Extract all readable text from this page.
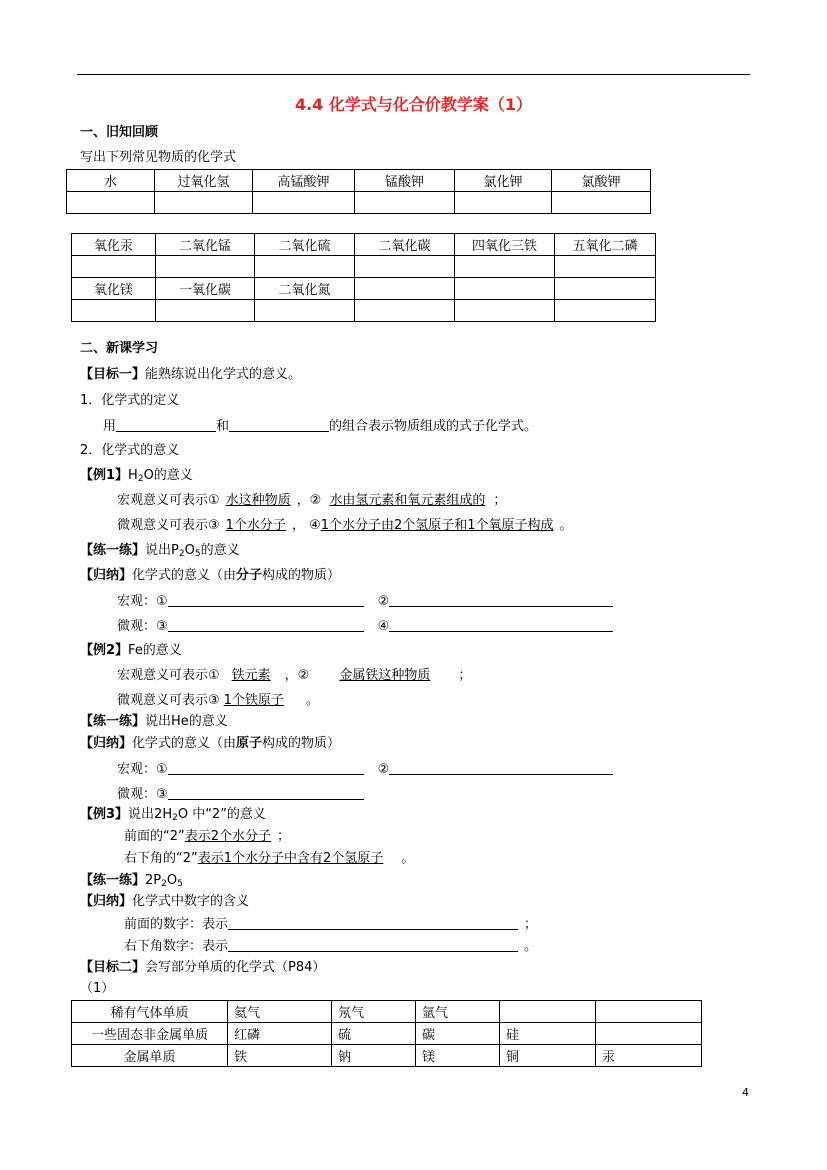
4.4 化学式与化合价教学案（1）
一、旧知回顾
写出下列常见物质的化学式
水	过氧化氢	高锰酸钾	锰酸钾	氯化钾	氯酸钾

氧化汞	二氧化锰	二氧化硫	二氧化碳	四氧化三铁	五氧化二磷

氧化镁	一氧化碳	二氧化氮			

二、新课学习
【目标一】能熟练说出化学式的意义。
1．化学式的定义
用	和	的组合表示物质组成的式子化学式。
2．化学式的意义
【例1】$H_2O$的意义
宏观意义可表示① 水这种物质 ，② 水由氢元素和氧元素组成的 ；
微观意义可表示③ 1个水分子 ， ④1个水分子由2个氢原子和1个氧原子构成 。
【练一练】说出$P_2O_5$的意义
【归纳】化学式的意义（由分子构成的物质）
宏观：①	②
微观：③	④
【例2】Fe的意义
宏观意义可表示① 铁元素 ，② 金属铁这种物质 ；
微观意义可表示③ 1个铁原子 。
【练一练】说出He的意义
【归纳】化学式的意义（由原子构成的物质）
宏观：①	②
微观：③
【例3】说出$2H_2O$ 中“2”的意义
前面的“2”表示2个水分子 ；
右下角的“2”表示1个水分子中含有2个氢原子 。
【练一练】$2P_2O_5$
【归纳】化学式中数字的含义
前面的数字：表示	；
右下角数字：表示	。
【目标二】会写部分单质的化学式（P84）
（1）
稀有气体单质	氦气	氖气	氩气		
一些固态非金属单质	红磷	硫	碳	硅	
金属单质	铁	钠	镁	铜	汞
4
